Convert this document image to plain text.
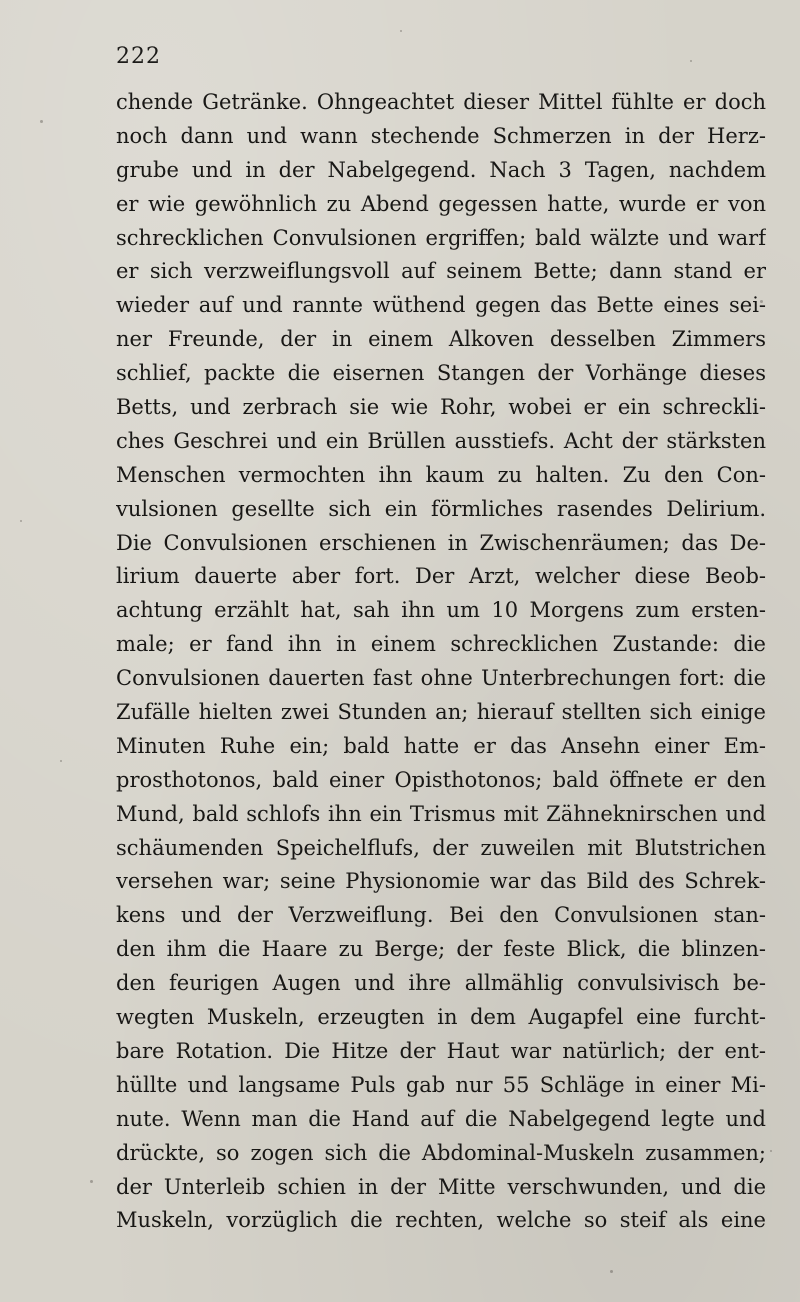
222
chende Getränke. Ohngeachtet dieser Mittel fühlte er doch
noch dann und wann stechende Schmerzen in der Herz-
grube und in der Nabelgegend. Nach 3 Tagen, nachdem
er wie gewöhnlich zu Abend gegessen hatte, wurde er von
schrecklichen Convulsionen ergriffen; bald wälzte und warf
er sich verzweiflungsvoll auf seinem Bette; dann stand er
wieder auf und rannte wüthend gegen das Bette eines sei-
ner Freunde, der in einem Alkoven desselben Zimmers
schlief, packte die eisernen Stangen der Vorhänge dieses
Betts, und zerbrach sie wie Rohr, wobei er ein schreckli-
ches Geschrei und ein Brüllen ausstiefs. Acht der stärksten
Menschen vermochten ihn kaum zu halten. Zu den Con-
vulsionen gesellte sich ein förmliches rasendes Delirium.
Die Convulsionen erschienen in Zwischenräumen; das De-
lirium dauerte aber fort. Der Arzt, welcher diese Beob-
achtung erzählt hat, sah ihn um 10 Morgens zum ersten-
male; er fand ihn in einem schrecklichen Zustande: die
Convulsionen dauerten fast ohne Unterbrechungen fort: die
Zufälle hielten zwei Stunden an; hierauf stellten sich einige
Minuten Ruhe ein; bald hatte er das Ansehn einer Em-
prosthotonos, bald einer Opisthotonos; bald öffnete er den
Mund, bald schlofs ihn ein Trismus mit Zähneknirschen und
schäumenden Speichelflufs, der zuweilen mit Blutstrichen
versehen war; seine Physionomie war das Bild des Schrek-
kens und der Verzweiflung. Bei den Convulsionen stan-
den ihm die Haare zu Berge; der feste Blick, die blinzen-
den feurigen Augen und ihre allmählig convulsivisch be-
wegten Muskeln, erzeugten in dem Augapfel eine furcht-
bare Rotation. Die Hitze der Haut war natürlich; der ent-
hüllte und langsame Puls gab nur 55 Schläge in einer Mi-
nute. Wenn man die Hand auf die Nabelgegend legte und
drückte, so zogen sich die Abdominal-Muskeln zusammen;
der Unterleib schien in der Mitte verschwunden, und die
Muskeln, vorzüglich die rechten, welche so steif als eine
